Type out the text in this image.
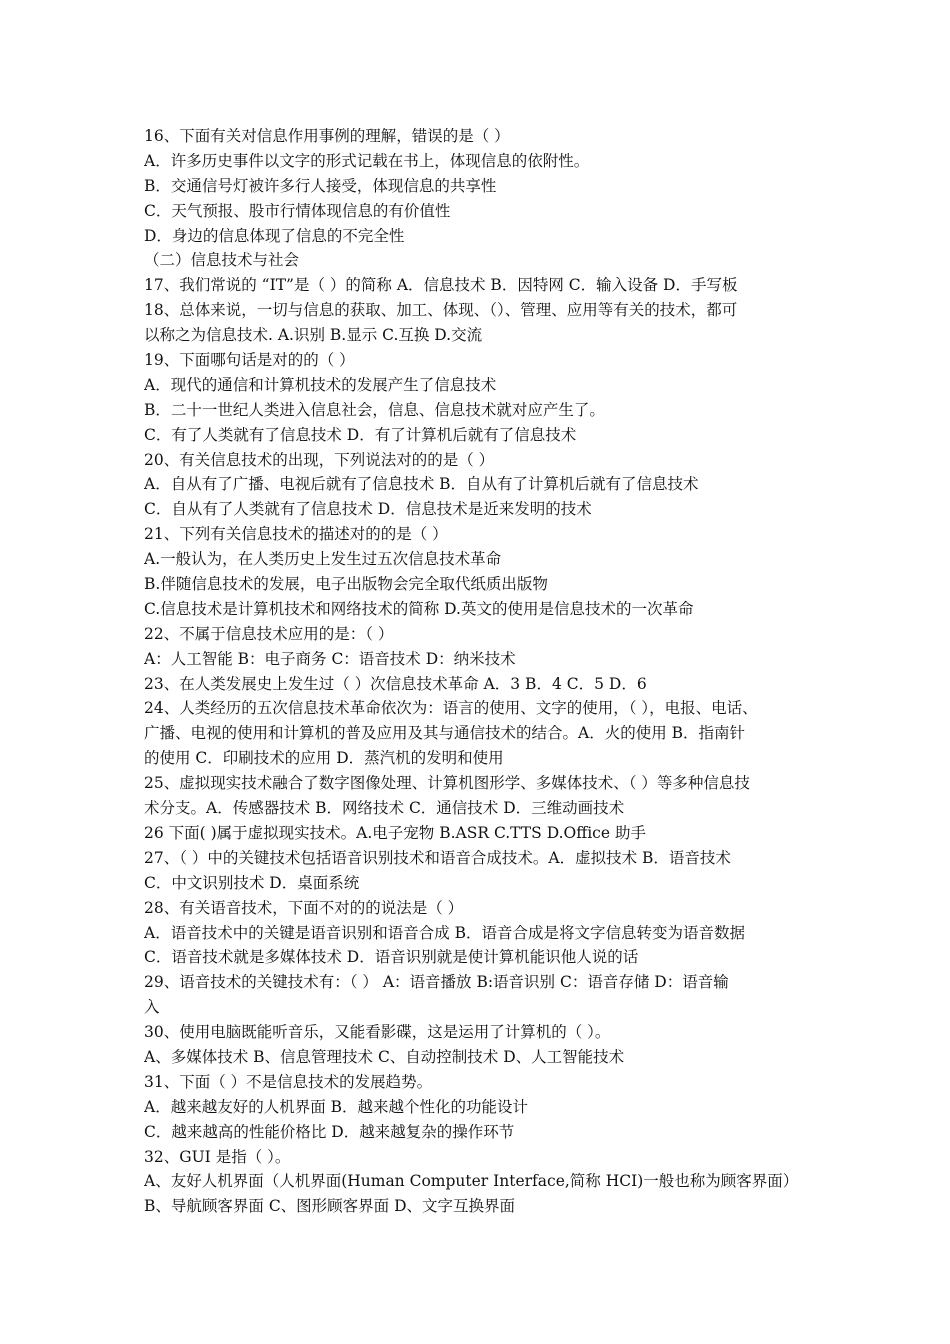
16、下面有关对信息作用事例的理解，错误的是（ ）
A．许多历史事件以文字的形式记载在书上，体现信息的依附性。
B．交通信号灯被许多行人接受，体现信息的共享性
C．天气预报、股市行情体现信息的有价值性
D．身边的信息体现了信息的不完全性
（二）信息技术与社会
17、我们常说的 “IT”是（ ）的简称 A．信息技术 B．因特网 C．输入设备 D．手写板
18、总体来说，一切与信息的获取、加工、体现、（）、管理、应用等有关的技术，都可
以称之为信息技术. A.识别 B.显示 C.互换 D.交流
19、下面哪句话是对的的（ ）
A．现代的通信和计算机技术的发展产生了信息技术
B．二十一世纪人类进入信息社会，信息、信息技术就对应产生了。
C．有了人类就有了信息技术 D．有了计算机后就有了信息技术
20、有关信息技术的出现，下列说法对的的是（ ）
A．自从有了广播、电视后就有了信息技术 B．自从有了计算机后就有了信息技术
C．自从有了人类就有了信息技术 D．信息技术是近来发明的技术
21、下列有关信息技术的描述对的的是（ ）
A.一般认为，在人类历史上发生过五次信息技术革命
B.伴随信息技术的发展，电子出版物会完全取代纸质出版物
C.信息技术是计算机技术和网络技术的简称 D.英文的使用是信息技术的一次革命
22、不属于信息技术应用的是：（ ）
A：人工智能 B：电子商务 C：语音技术 D：纳米技术
23、在人类发展史上发生过（ ）次信息技术革命 A．3 B．4 C．5 D．6
24、人类经历的五次信息技术革命依次为：语言的使用、文字的使用，（ ），电报、电话、
广播、电视的使用和计算机的普及应用及其与通信技术的结合。A．火的使用 B．指南针
的使用 C．印刷技术的应用 D．蒸汽机的发明和使用
25、虚拟现实技术融合了数字图像处理、计算机图形学、多媒体技术、（ ）等多种信息技
术分支。A．传感器技术 B．网络技术 C．通信技术 D．三维动画技术
26 下面( )属于虚拟现实技术。A.电子宠物 B.ASR C.TTS D.Office 助手
27、（ ）中的关键技术包括语音识别技术和语音合成技术。A．虚拟技术 B．语音技术
C．中文识别技术 D．桌面系统
28、有关语音技术，下面不对的的说法是（ ）
A．语音技术中的关键是语音识别和语音合成 B．语音合成是将文字信息转变为语音数据
C．语音技术就是多媒体技术 D．语音识别就是使计算机能识他人说的话
29、语音技术的关键技术有：（ ） A：语音播放 B:语音识别 C：语音存储 D：语音输
入
30、使用电脑既能听音乐，又能看影碟，这是运用了计算机的（ ）。
A、多媒体技术 B、信息管理技术 C、自动控制技术 D、人工智能技术
31、下面（ ）不是信息技术的发展趋势。
A．越来越友好的人机界面 B．越来越个性化的功能设计
C．越来越高的性能价格比 D．越来越复杂的操作环节
32、GUI 是指（ ）。
A、友好人机界面（人机界面(Human Computer Interface,简称 HCI)一般也称为顾客界面）
B、导航顾客界面 C、图形顾客界面 D、文字互换界面
